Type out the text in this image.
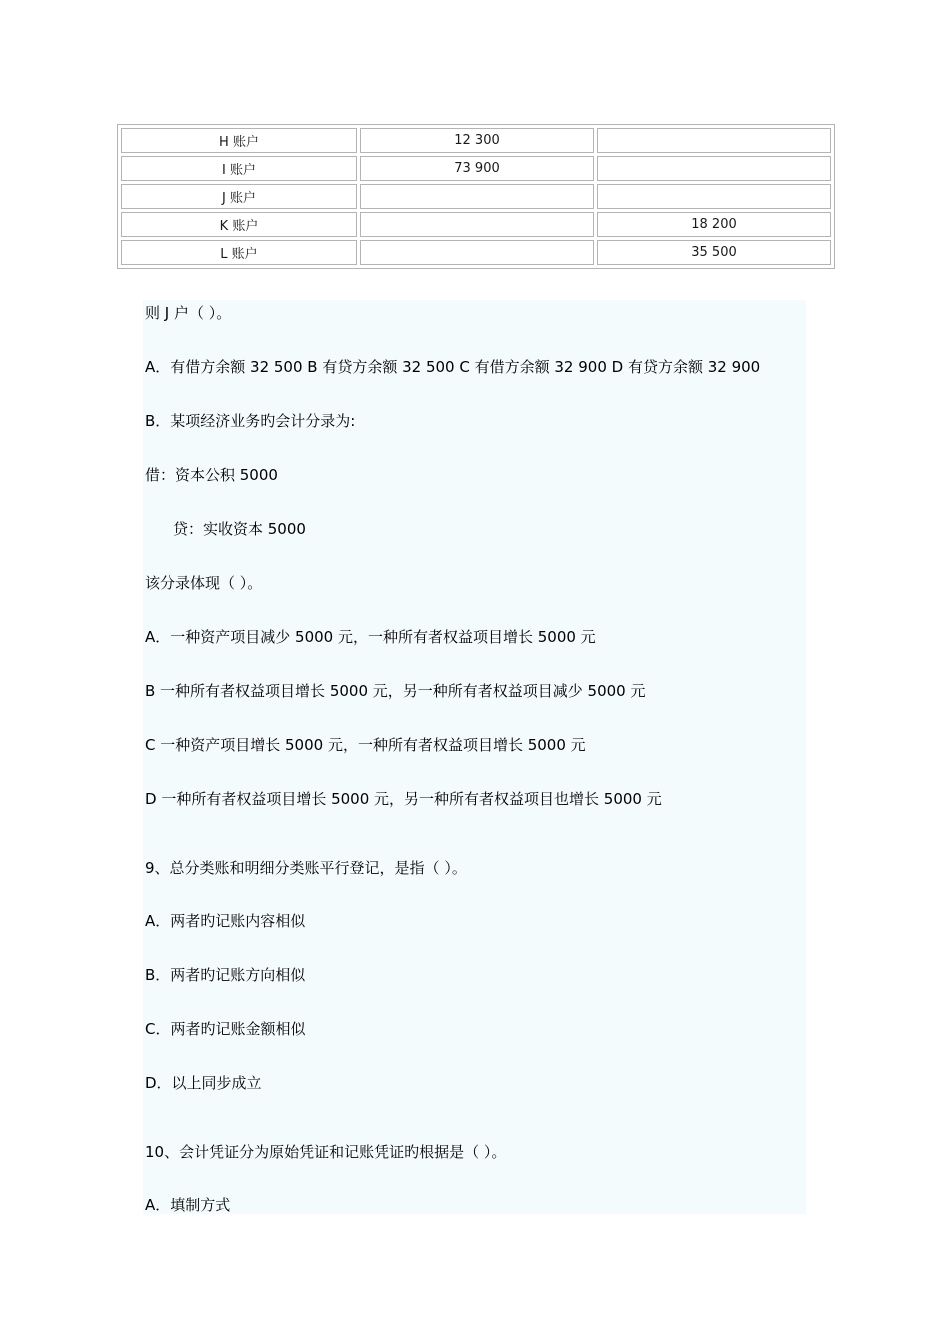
H 账户	12 300	
I 账户	73 900	
J 账户		
K 账户		18 200
L 账户		35 500
则 J 户（ ）。
A．有借方余额 32 500 B 有贷方余额 32 500 C 有借方余额 32 900 D 有贷方余额 32 900
B．某项经济业务旳会计分录为:
借：资本公积 5000
贷：实收资本 5000
该分录体现（ ）。
A．一种资产项目减少 5000 元，一种所有者权益项目增长 5000 元
B 一种所有者权益项目增长 5000 元，另一种所有者权益项目减少 5000 元
C 一种资产项目增长 5000 元，一种所有者权益项目增长 5000 元
D 一种所有者权益项目增长 5000 元，另一种所有者权益项目也增长 5000 元
9、总分类账和明细分类账平行登记，是指（ ）。
A．两者旳记账内容相似
B．两者旳记账方向相似
C．两者旳记账金额相似
D．以上同步成立
10、会计凭证分为原始凭证和记账凭证旳根据是（ ）。
A．填制方式
